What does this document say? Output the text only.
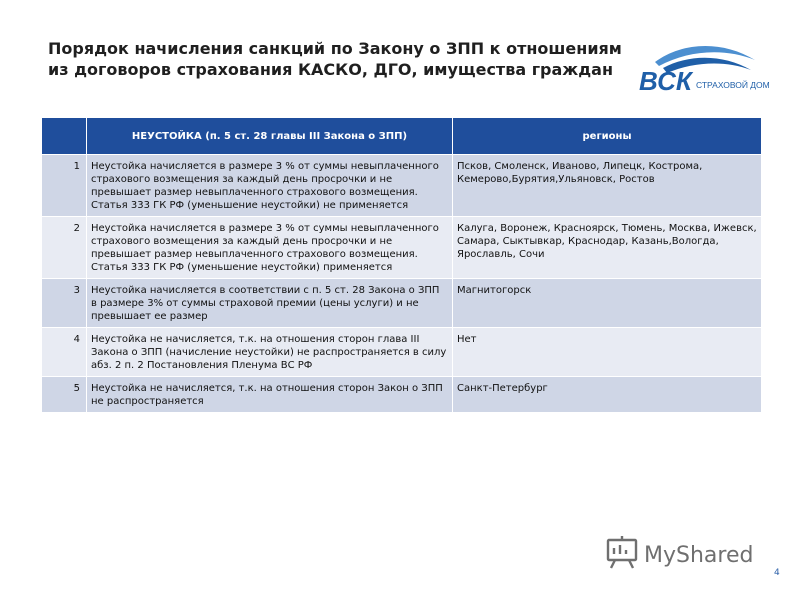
Порядок начисления санкций по Закону о ЗПП к отношениям
из договоров страхования КАСКО, ДГО, имущества граждан	ВСК СТРАХОВОЙ ДОМ
	НЕУСТОЙКА (п. 5 ст. 28 главы III Закона о ЗПП)	регионы
1	Неустойка начисляется в размере 3 % от суммы невыплаченного страхового возмещения за каждый день просрочки и не превышает размер невыплаченного страхового возмещения. Статья 333 ГК РФ (уменьшение неустойки) не применяется	Псков, Смоленск, Иваново, Липецк, Кострома, Кемерово,Бурятия,Ульяновск, Ростов
2	Неустойка начисляется в размере 3 % от суммы невыплаченного страхового возмещения за каждый день просрочки и не превышает размер невыплаченного страхового возмещения. Статья 333 ГК РФ (уменьшение неустойки) применяется	Калуга, Воронеж, Красноярск, Тюмень, Москва, Ижевск, Самара, Сыктывкар, Краснодар, Казань,Вологда, Ярославль, Сочи
3	Неустойка начисляется в соответствии с п. 5 ст. 28 Закона о ЗПП в размере 3% от суммы страховой премии (цены услуги) и не превышает ее размер	Магнитогорск
4	Неустойка не начисляется, т.к. на отношения сторон глава III Закона о ЗПП (начисление неустойки) не распространяется в силу абз. 2 п. 2 Постановления Пленума ВС РФ	Нет
5	Неустойка не начисляется, т.к. на отношения сторон Закон о ЗПП не распространяется	Санкт-Петербург
MyShared
4
